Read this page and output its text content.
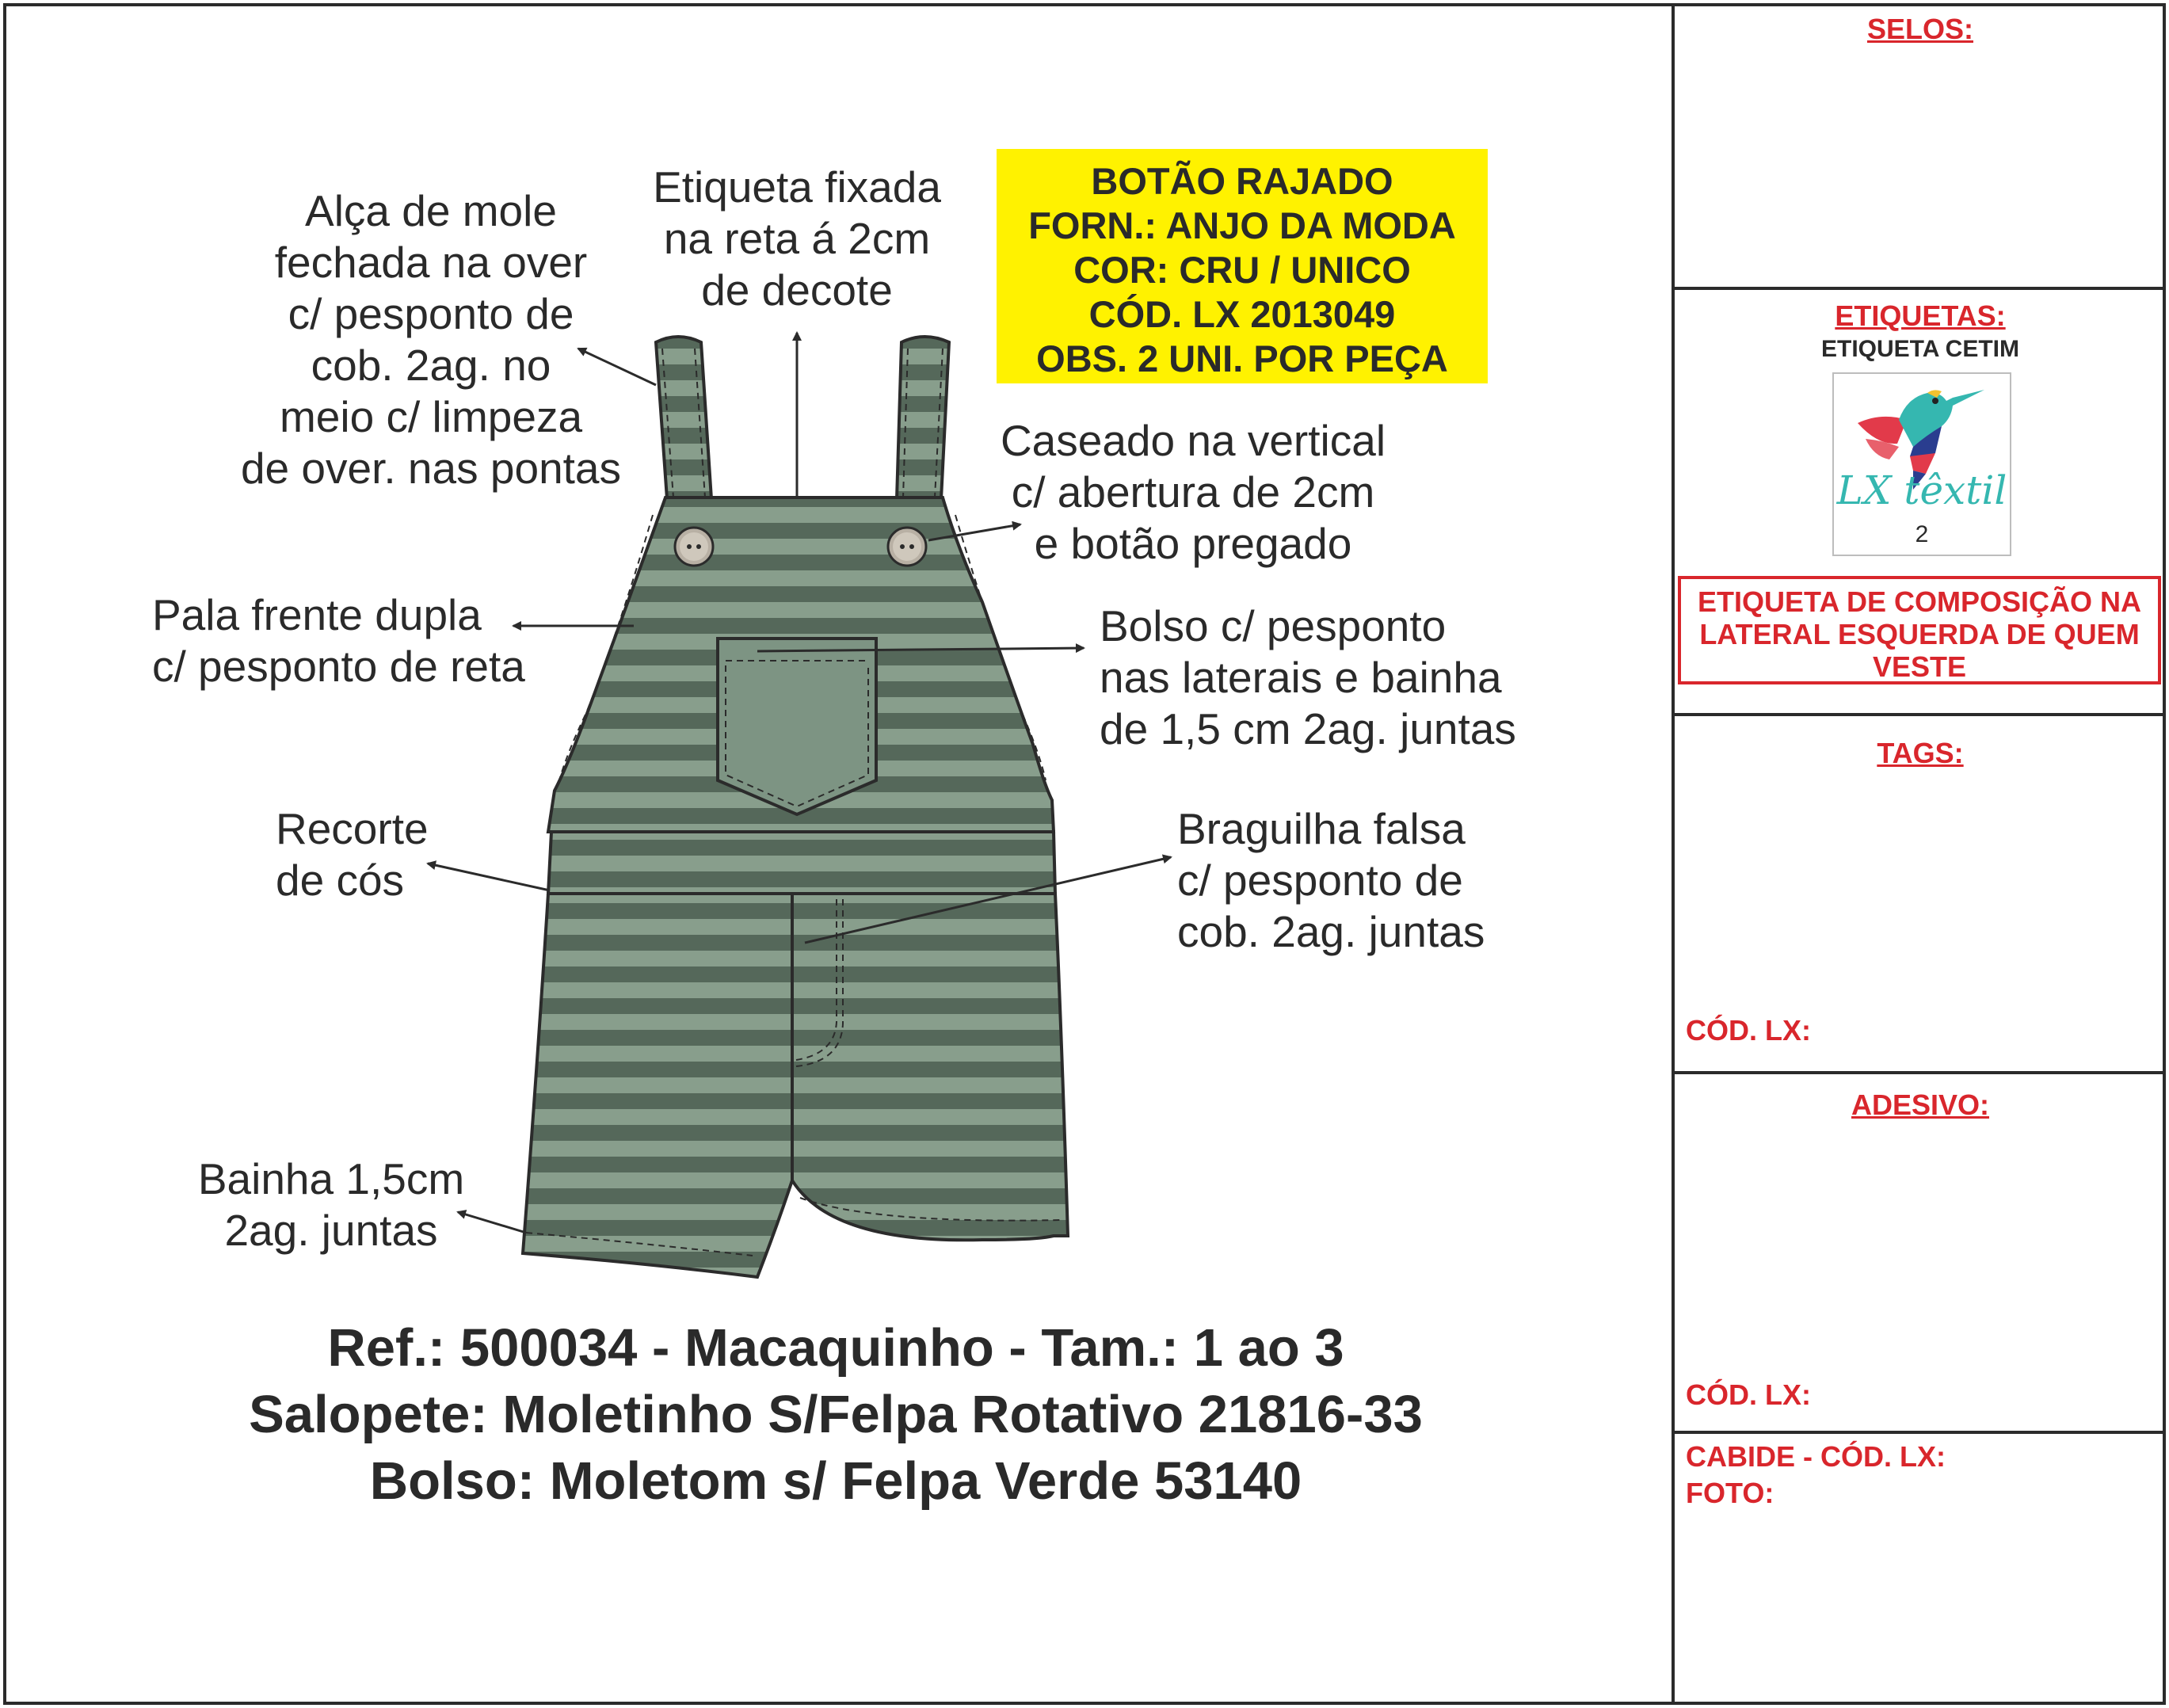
Alça de mole
fechada na over
c/ pesponto de
cob. 2ag. no
meio c/ limpeza
de over. nas pontas
Etiqueta fixada
na reta á 2cm
de decote
BOTÃO RAJADO
FORN.: ANJO DA MODA
COR: CRU / UNICO
CÓD. LX 2013049
OBS. 2 UNI. POR PEÇA
Caseado na vertical
c/ abertura de 2cm
e botão pregado
Pala frente dupla
c/ pesponto de reta
Bolso c/ pesponto
nas laterais e bainha
de 1,5 cm 2ag. juntas
Recorte
de cós
Braguilha falsa
c/ pesponto de
cob. 2ag. juntas
Bainha 1,5cm
2ag. juntas
Ref.: 500034 - Macaquinho - Tam.: 1 ao 3
Salopete: Moletinho S/Felpa Rotativo 21816-33
Bolso: Moletom s/ Felpa Verde 53140
SELOS:
ETIQUETAS:
ETIQUETA CETIM
TAGS:
CÓD. LX:
ADESIVO:
CÓD. LX:
CABIDE - CÓD. LX:
FOTO:
LX têxtil
2
ETIQUETA DE COMPOSIÇÃO NA
LATERAL ESQUERDA DE QUEM
VESTE
